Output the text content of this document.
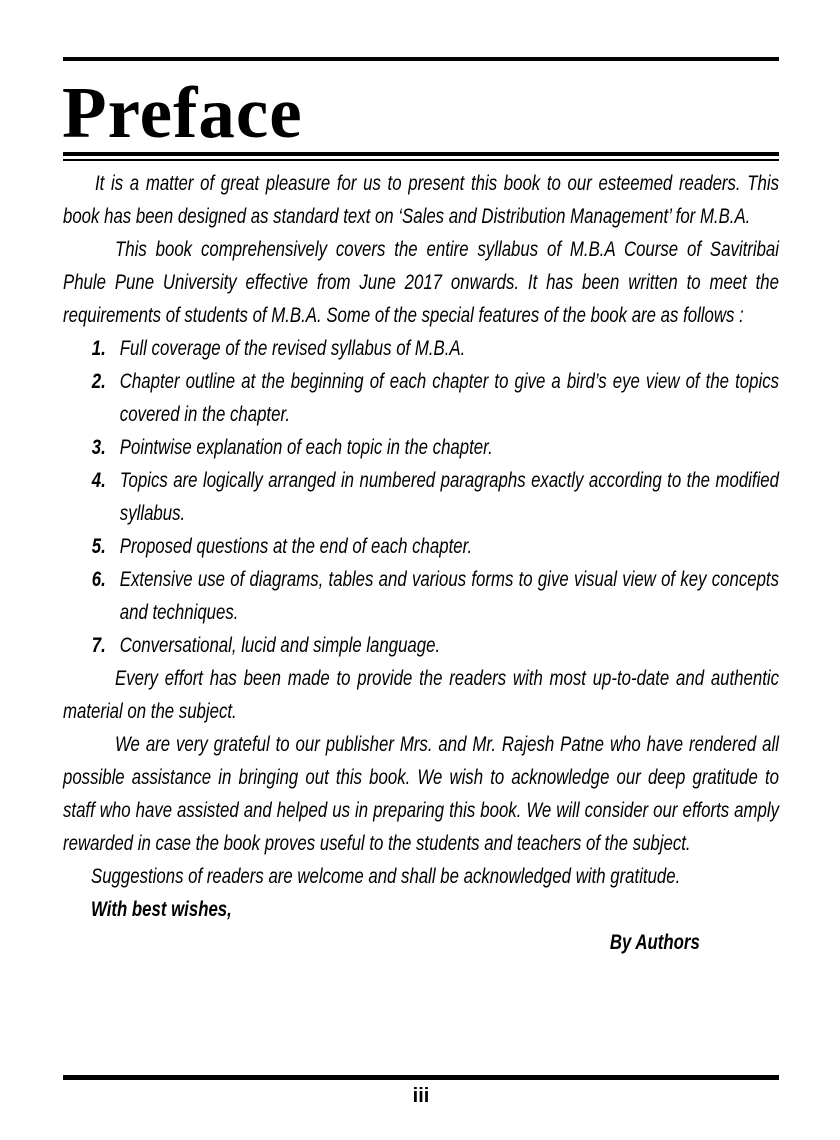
Preface

It is a matter of great pleasure for us to present this book to our esteemed readers. This book has been designed as standard text on ‘Sales and Distribution Management’ for M.B.A.

This book comprehensively covers the entire syllabus of M.B.A Course of Savitribai Phule Pune University effective from June 2017 onwards. It has been written to meet the requirements of students of M.B.A. Some of the special features of the book are as follows :

1. Full coverage of the revised syllabus of M.B.A.
2. Chapter outline at the beginning of each chapter to give a bird’s eye view of the topics covered in the chapter.
3. Pointwise explanation of each topic in the chapter.
4. Topics are logically arranged in numbered paragraphs exactly according to the modified syllabus.
5. Proposed questions at the end of each chapter.
6. Extensive use of diagrams, tables and various forms to give visual view of key concepts and techniques.
7. Conversational, lucid and simple language.

Every effort has been made to provide the readers with most up-to-date and authentic material on the subject.

We are very grateful to our publisher Mrs. and Mr. Rajesh Patne who have rendered all possible assistance in bringing out this book. We wish to acknowledge our deep gratitude to staff who have assisted and helped us in preparing this book. We will consider our efforts amply rewarded in case the book proves useful to the students and teachers of the subject.

Suggestions of readers are welcome and shall be acknowledged with gratitude.

With best wishes,

By Authors

iii
